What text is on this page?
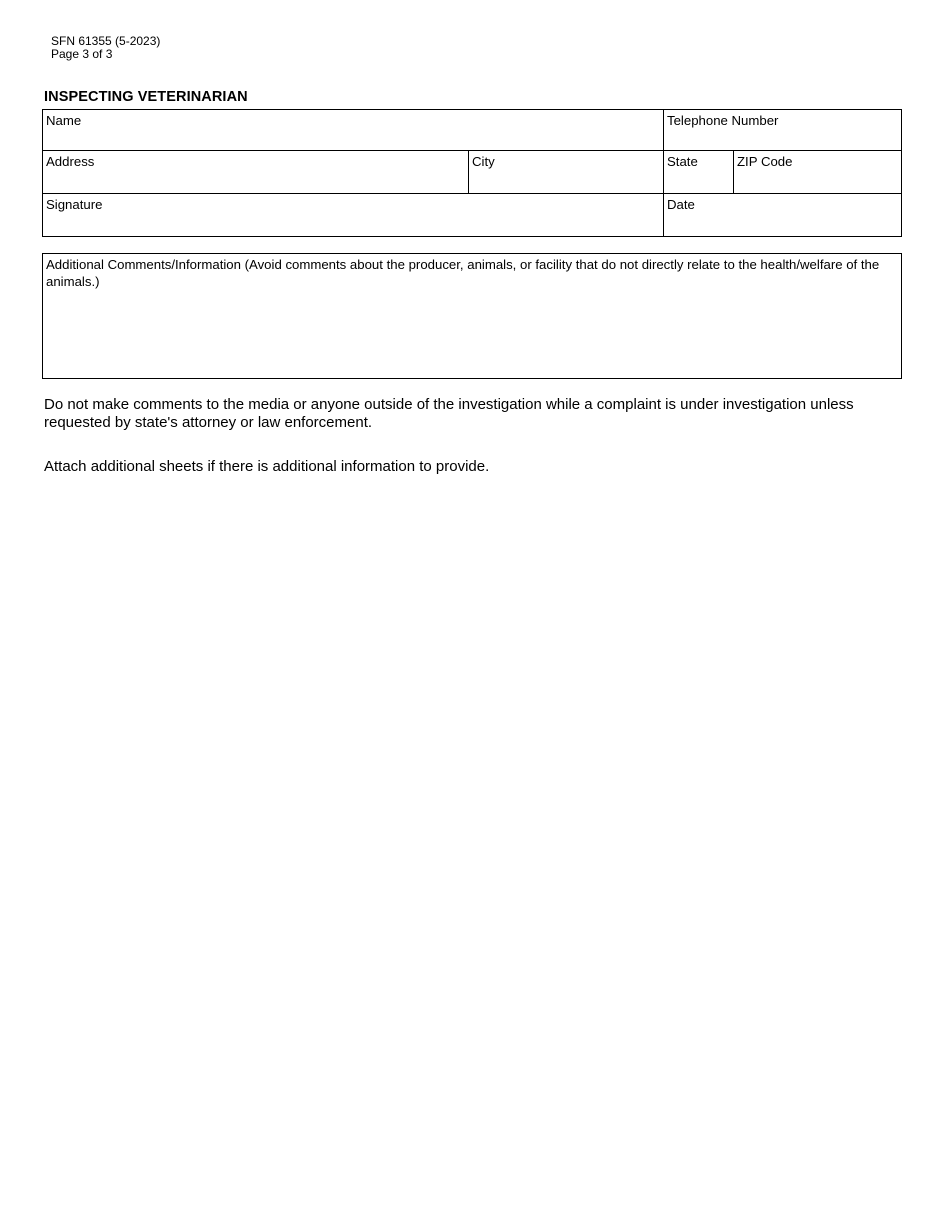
SFN 61355 (5-2023)
Page 3 of 3
INSPECTING VETERINARIAN
Name	Telephone Number
Address	City	State	ZIP Code
Signature	Date
Additional Comments/Information (Avoid comments about the producer, animals, or facility that do not directly relate to the health/welfare of the animals.)
Do not make comments to the media or anyone outside of the investigation while a complaint is under investigation unless requested by state's attorney or law enforcement.
Attach additional sheets if there is additional information to provide.
